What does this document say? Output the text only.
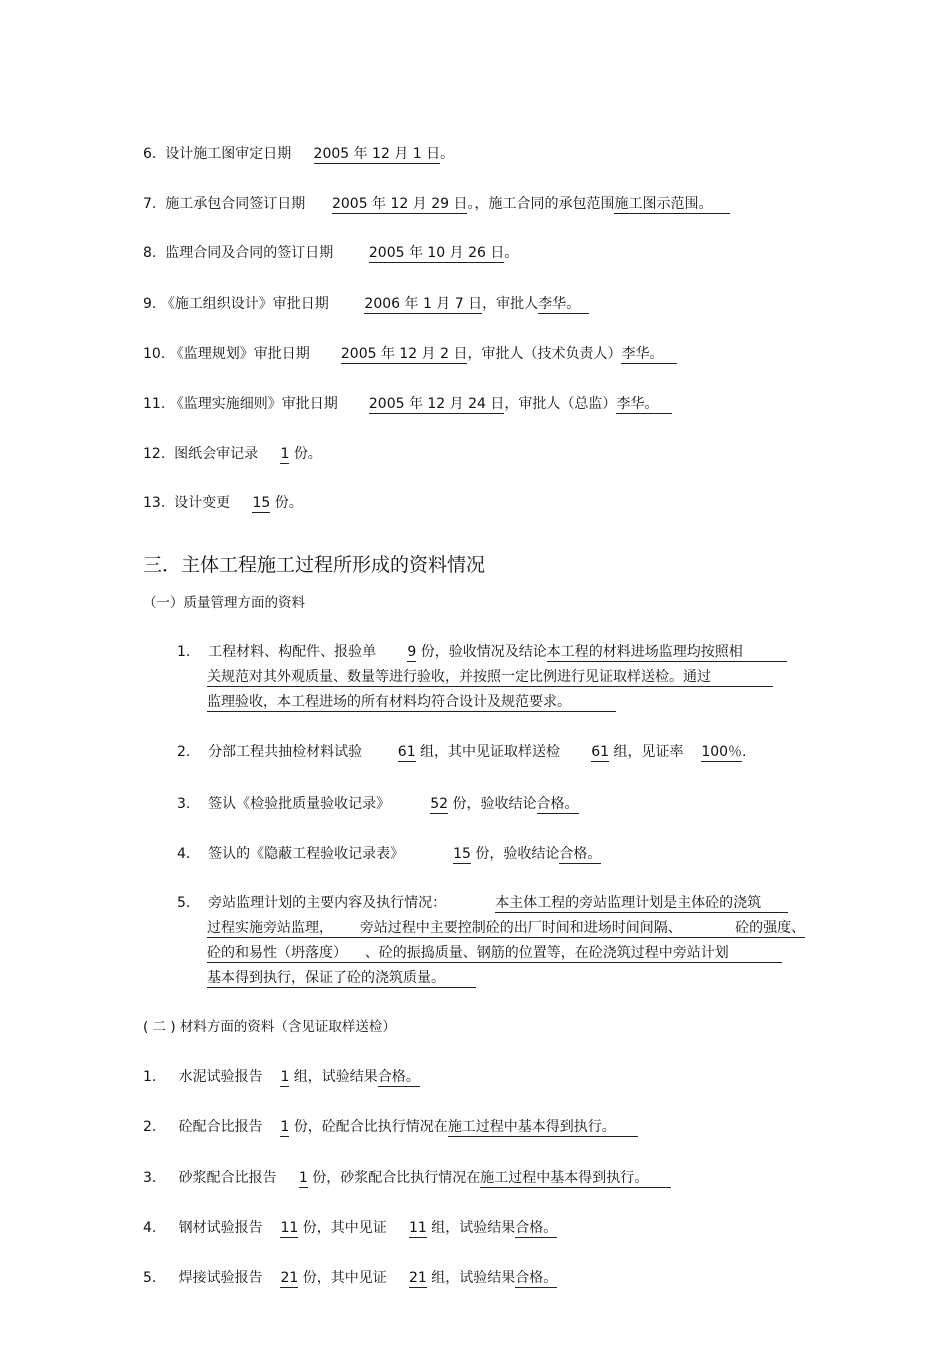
6. 设计施工图审定日期 2005 年 12 月 1 日。
7. 施工承包合同签订日期 2005 年 12 月 29 日。，施工合同的承包范围施工图示范围。
8. 监理合同及合同的签订日期	2005 年 10 月 26 日。
9. 《施工组织设计》审批日期	2006 年 1 月 7 日，审批人李华。
10. 《监理规划》审批日期 2005 年 12 月 2 日，审批人（技术负责人）李华。
11. 《监理实施细则》审批日期 2005 年 12 月 24 日，审批人（总监）李华。
12. 图纸会审记录 1 份。
13. 设计变更 15 份。
三．主体工程施工过程所形成的资料情况
（一）质量管理方面的资料
1. 工程材料、构配件、报验单 9 份，验收情况及结论本工程的材料进场监理均按照相
关规范对其外观质量、数量等进行验收，并按照一定比例进行见证取样送检。通过
监理验收，本工程进场的所有材料均符合设计及规范要求。
2. 分部工程共抽检材料试验	61 组，其中见证取样送检 61 组，见证率 100％.
3. 签认《检验批质量验收记录》	52 份，验收结论合格。
4. 签认的《隐蔽工程验收记录表》	15 份，验收结论合格。
5. 旁站监理计划的主要内容及执行情况：	本主体工程的旁站监理计划是主体砼的浇筑
过程实施旁站监理， 旁站过程中主要控制砼的出厂时间和进场时间间隔、	砼的强度、
砼的和易性（坍落度） 、砼的振捣质量、钢筋的位置等，在砼浇筑过程中旁站计划
基本得到执行，保证了砼的浇筑质量。
( 二 ) 材料方面的资料（含见证取样送检）
1. 水泥试验报告 1 组，试验结果合格。
2. 砼配合比报告 1 份，砼配合比执行情况在施工过程中基本得到执行。
3. 砂浆配合比报告 1 份，砂浆配合比执行情况在施工过程中基本得到执行。
4. 钢材试验报告 11 份，其中见证 11 组，试验结果合格。
5. 焊接试验报告 21 份，其中见证 21 组，试验结果合格。
